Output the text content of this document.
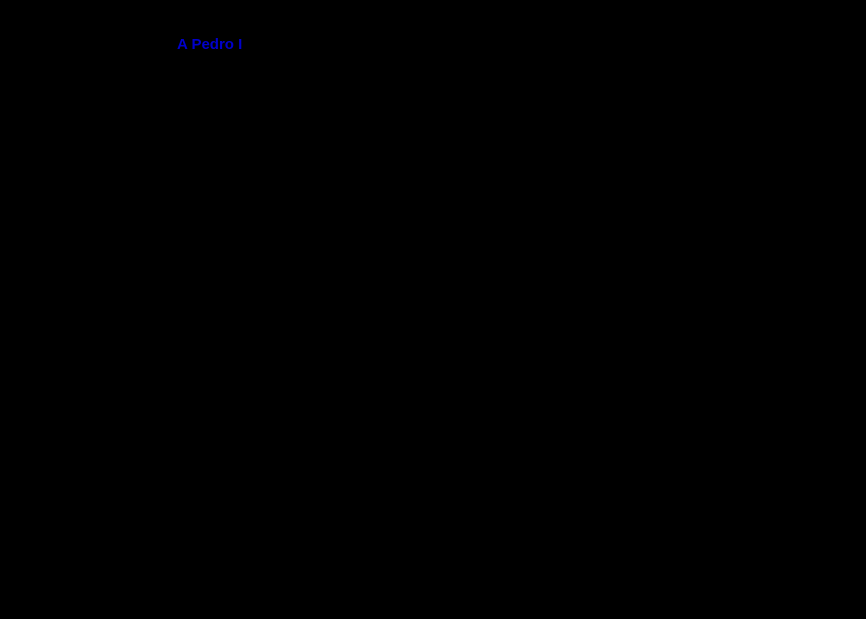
A Pedro I
